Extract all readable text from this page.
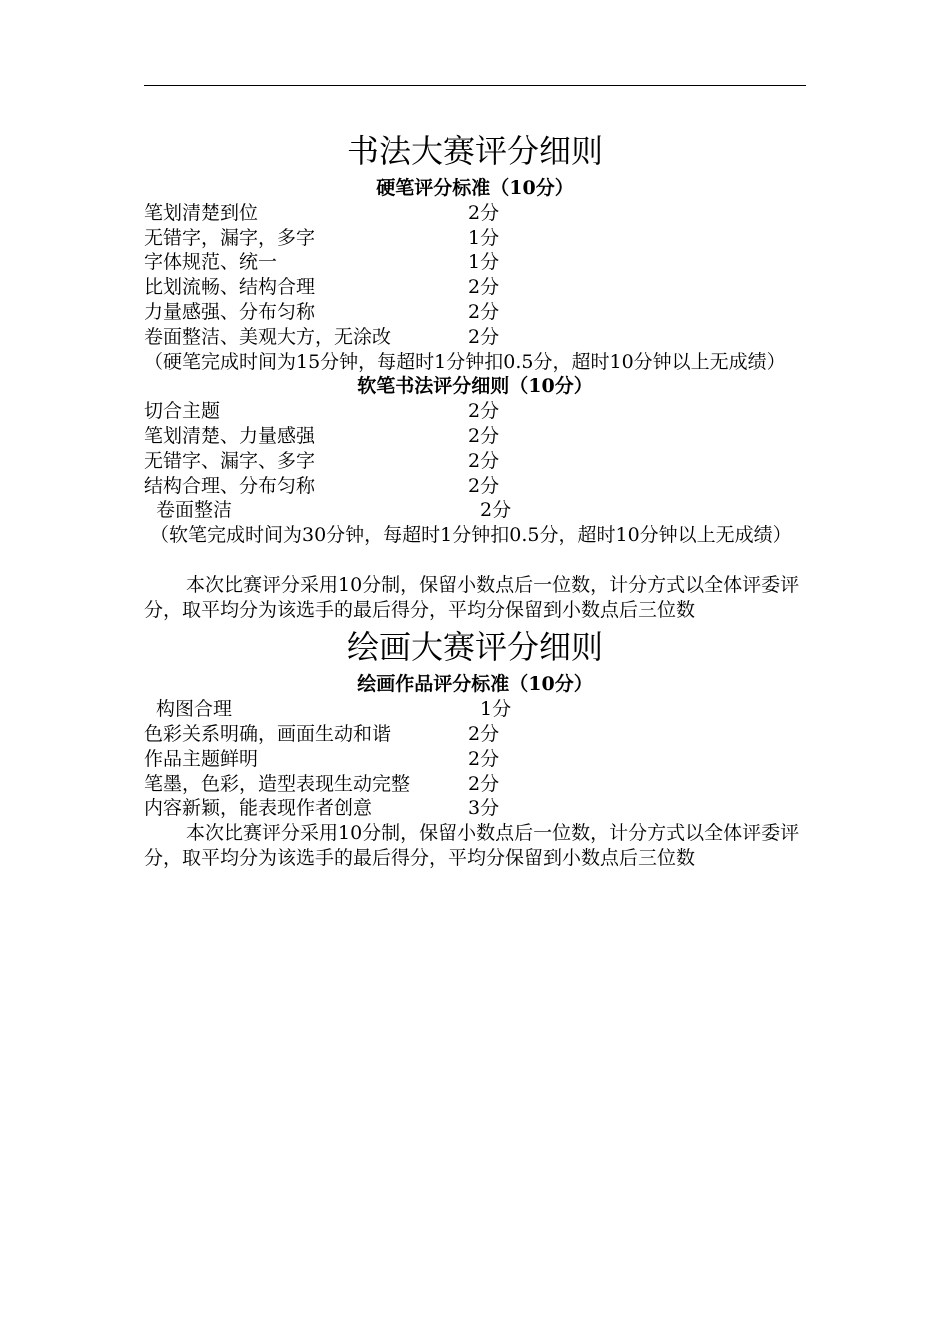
书法大赛评分细则
硬笔评分标准（10分）
笔划清楚到位	2分
无错字，漏字，多字	1分
字体规范、统一	1分
比划流畅、结构合理	2分
力量感强、分布匀称	2分
卷面整洁、美观大方，无涂改	2分

（硬笔完成时间为15分钟，每超时1分钟扣0.5分，超时10分钟以上无成绩）

软笔书法评分细则（10分）
切合主题	2分
笔划清楚、力量感强	2分
无错字、漏字、多字	2分
结构合理、分布匀称	2分
卷面整洁	2分

（软笔完成时间为30分钟，每超时1分钟扣0.5分，超时10分钟以上无成绩）

本次比赛评分采用10分制，保留小数点后一位数，计分方式以全体评委评分，取平均分为该选手的最后得分，平均分保留到小数点后三位数

绘画大赛评分细则
绘画作品评分标准（10分）
构图合理	1分
色彩关系明确，画面生动和谐	2分
作品主题鲜明	2分
笔墨，色彩，造型表现生动完整	2分
内容新颖，能表现作者创意	3分

本次比赛评分采用10分制，保留小数点后一位数，计分方式以全体评委评分，取平均分为该选手的最后得分，平均分保留到小数点后三位数
